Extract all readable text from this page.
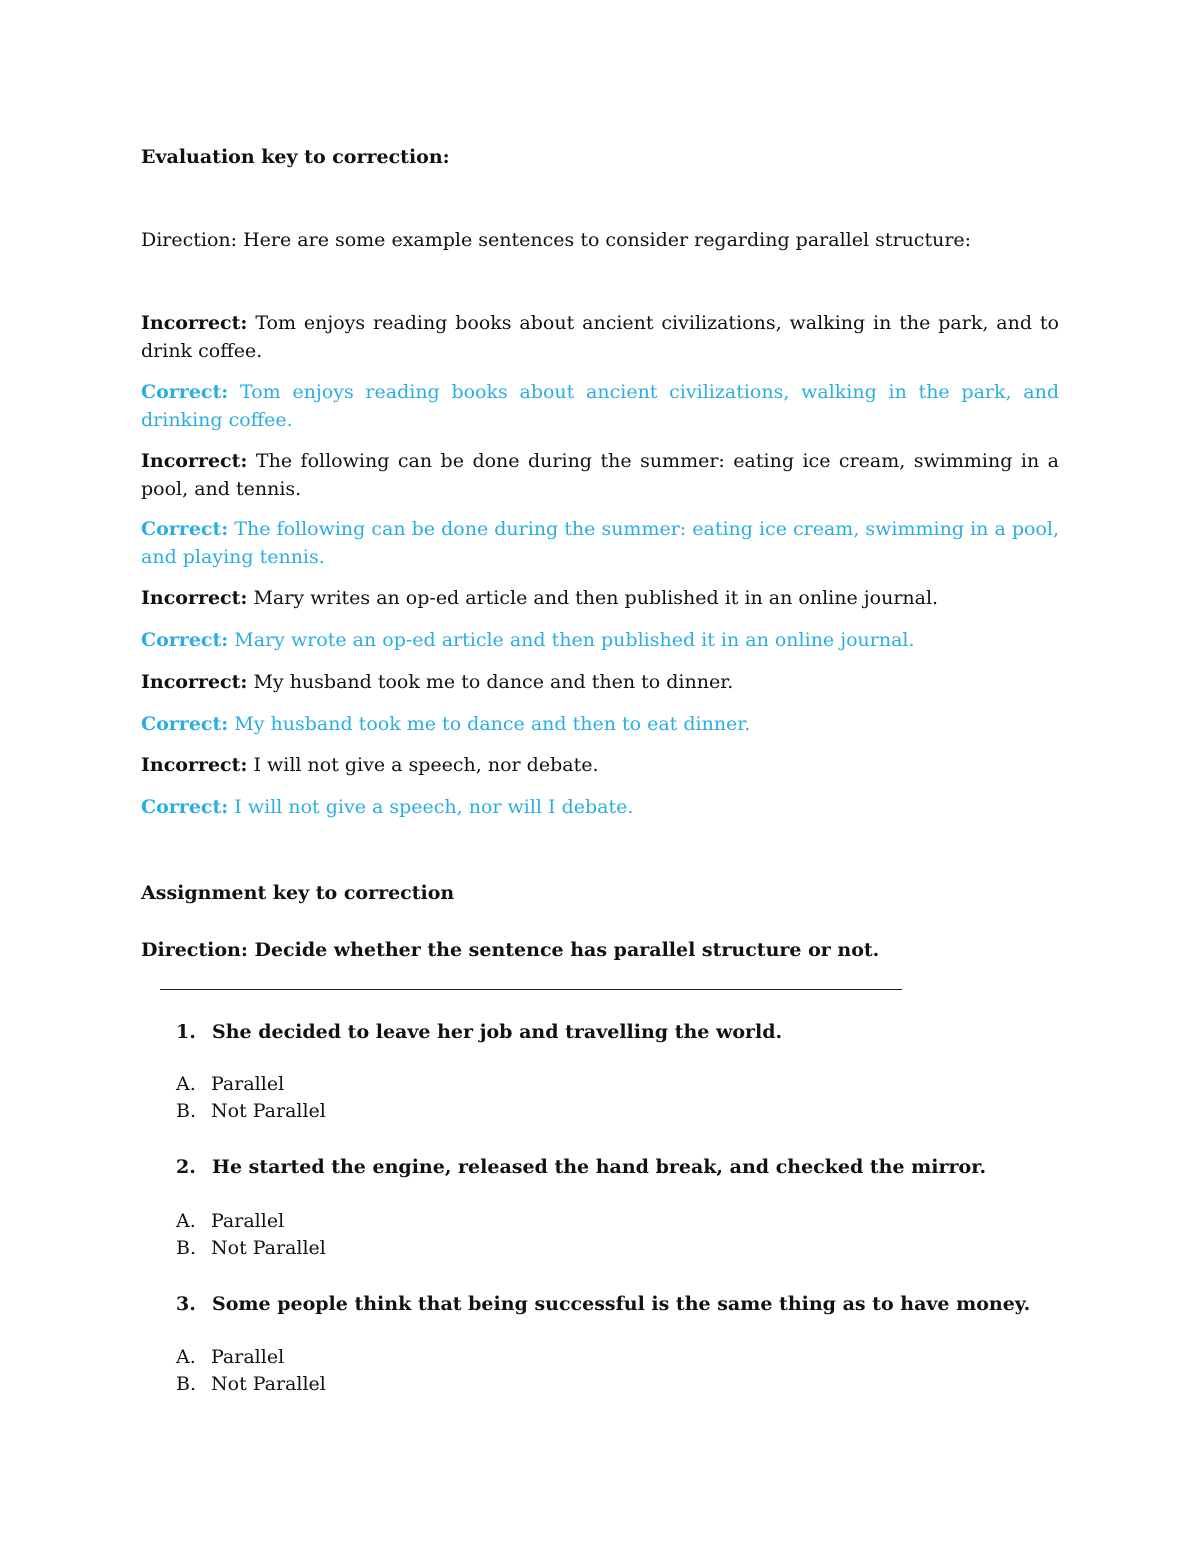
Evaluation key to correction:
Direction: Here are some example sentences to consider regarding parallel structure:
Incorrect: Tom enjoys reading books about ancient civilizations, walking in the park, and to drink coffee.
Correct: Tom enjoys reading books about ancient civilizations, walking in the park, and drinking coffee.
Incorrect: The following can be done during the summer: eating ice cream, swimming in a pool, and tennis.
Correct: The following can be done during the summer: eating ice cream, swimming in a pool, and playing tennis.
Incorrect: Mary writes an op-ed article and then published it in an online journal.
Correct: Mary wrote an op-ed article and then published it in an online journal.
Incorrect: My husband took me to dance and then to dinner.
Correct: My husband took me to dance and then to eat dinner.
Incorrect: I will not give a speech, nor debate.
Correct: I will not give a speech, nor will I debate.
Assignment key to correction
Direction: Decide whether the sentence has parallel structure or not.
1. She decided to leave her job and travelling the world.
A. Parallel
B. Not Parallel
2. He started the engine, released the hand break, and checked the mirror.
A. Parallel
B. Not Parallel
3. Some people think that being successful is the same thing as to have money.
A. Parallel
B. Not Parallel
